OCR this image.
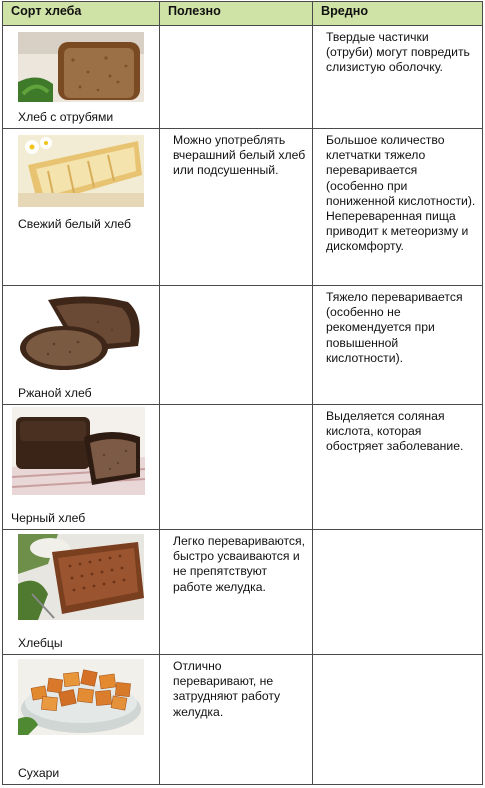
Сорт хлеба	Полезно	Вредно

Хлеб с отрубями		Твердые частички (отруби) могут повредить слизистую оболочку.

Свежий белый хлеб	Можно употреблять вчерашний белый хлеб или подсушенный.	Большое количество клетчатки тяжело переваривается (особенно при пониженной кислотности). Непереваренная пища приводит к метеоризму и дискомфорту.

Ржаной хлеб		Тяжело переваривается (особенно не рекомендуется при повышенной кислотности).

Черный хлеб		Выделяется соляная кислота, которая обостряет заболевание.

Хлебцы	Легко перевариваются, быстро усваиваются и не препятствуют работе желудка.	

Сухари	Отлично переваривают, не затрудняют работу желудка.	
